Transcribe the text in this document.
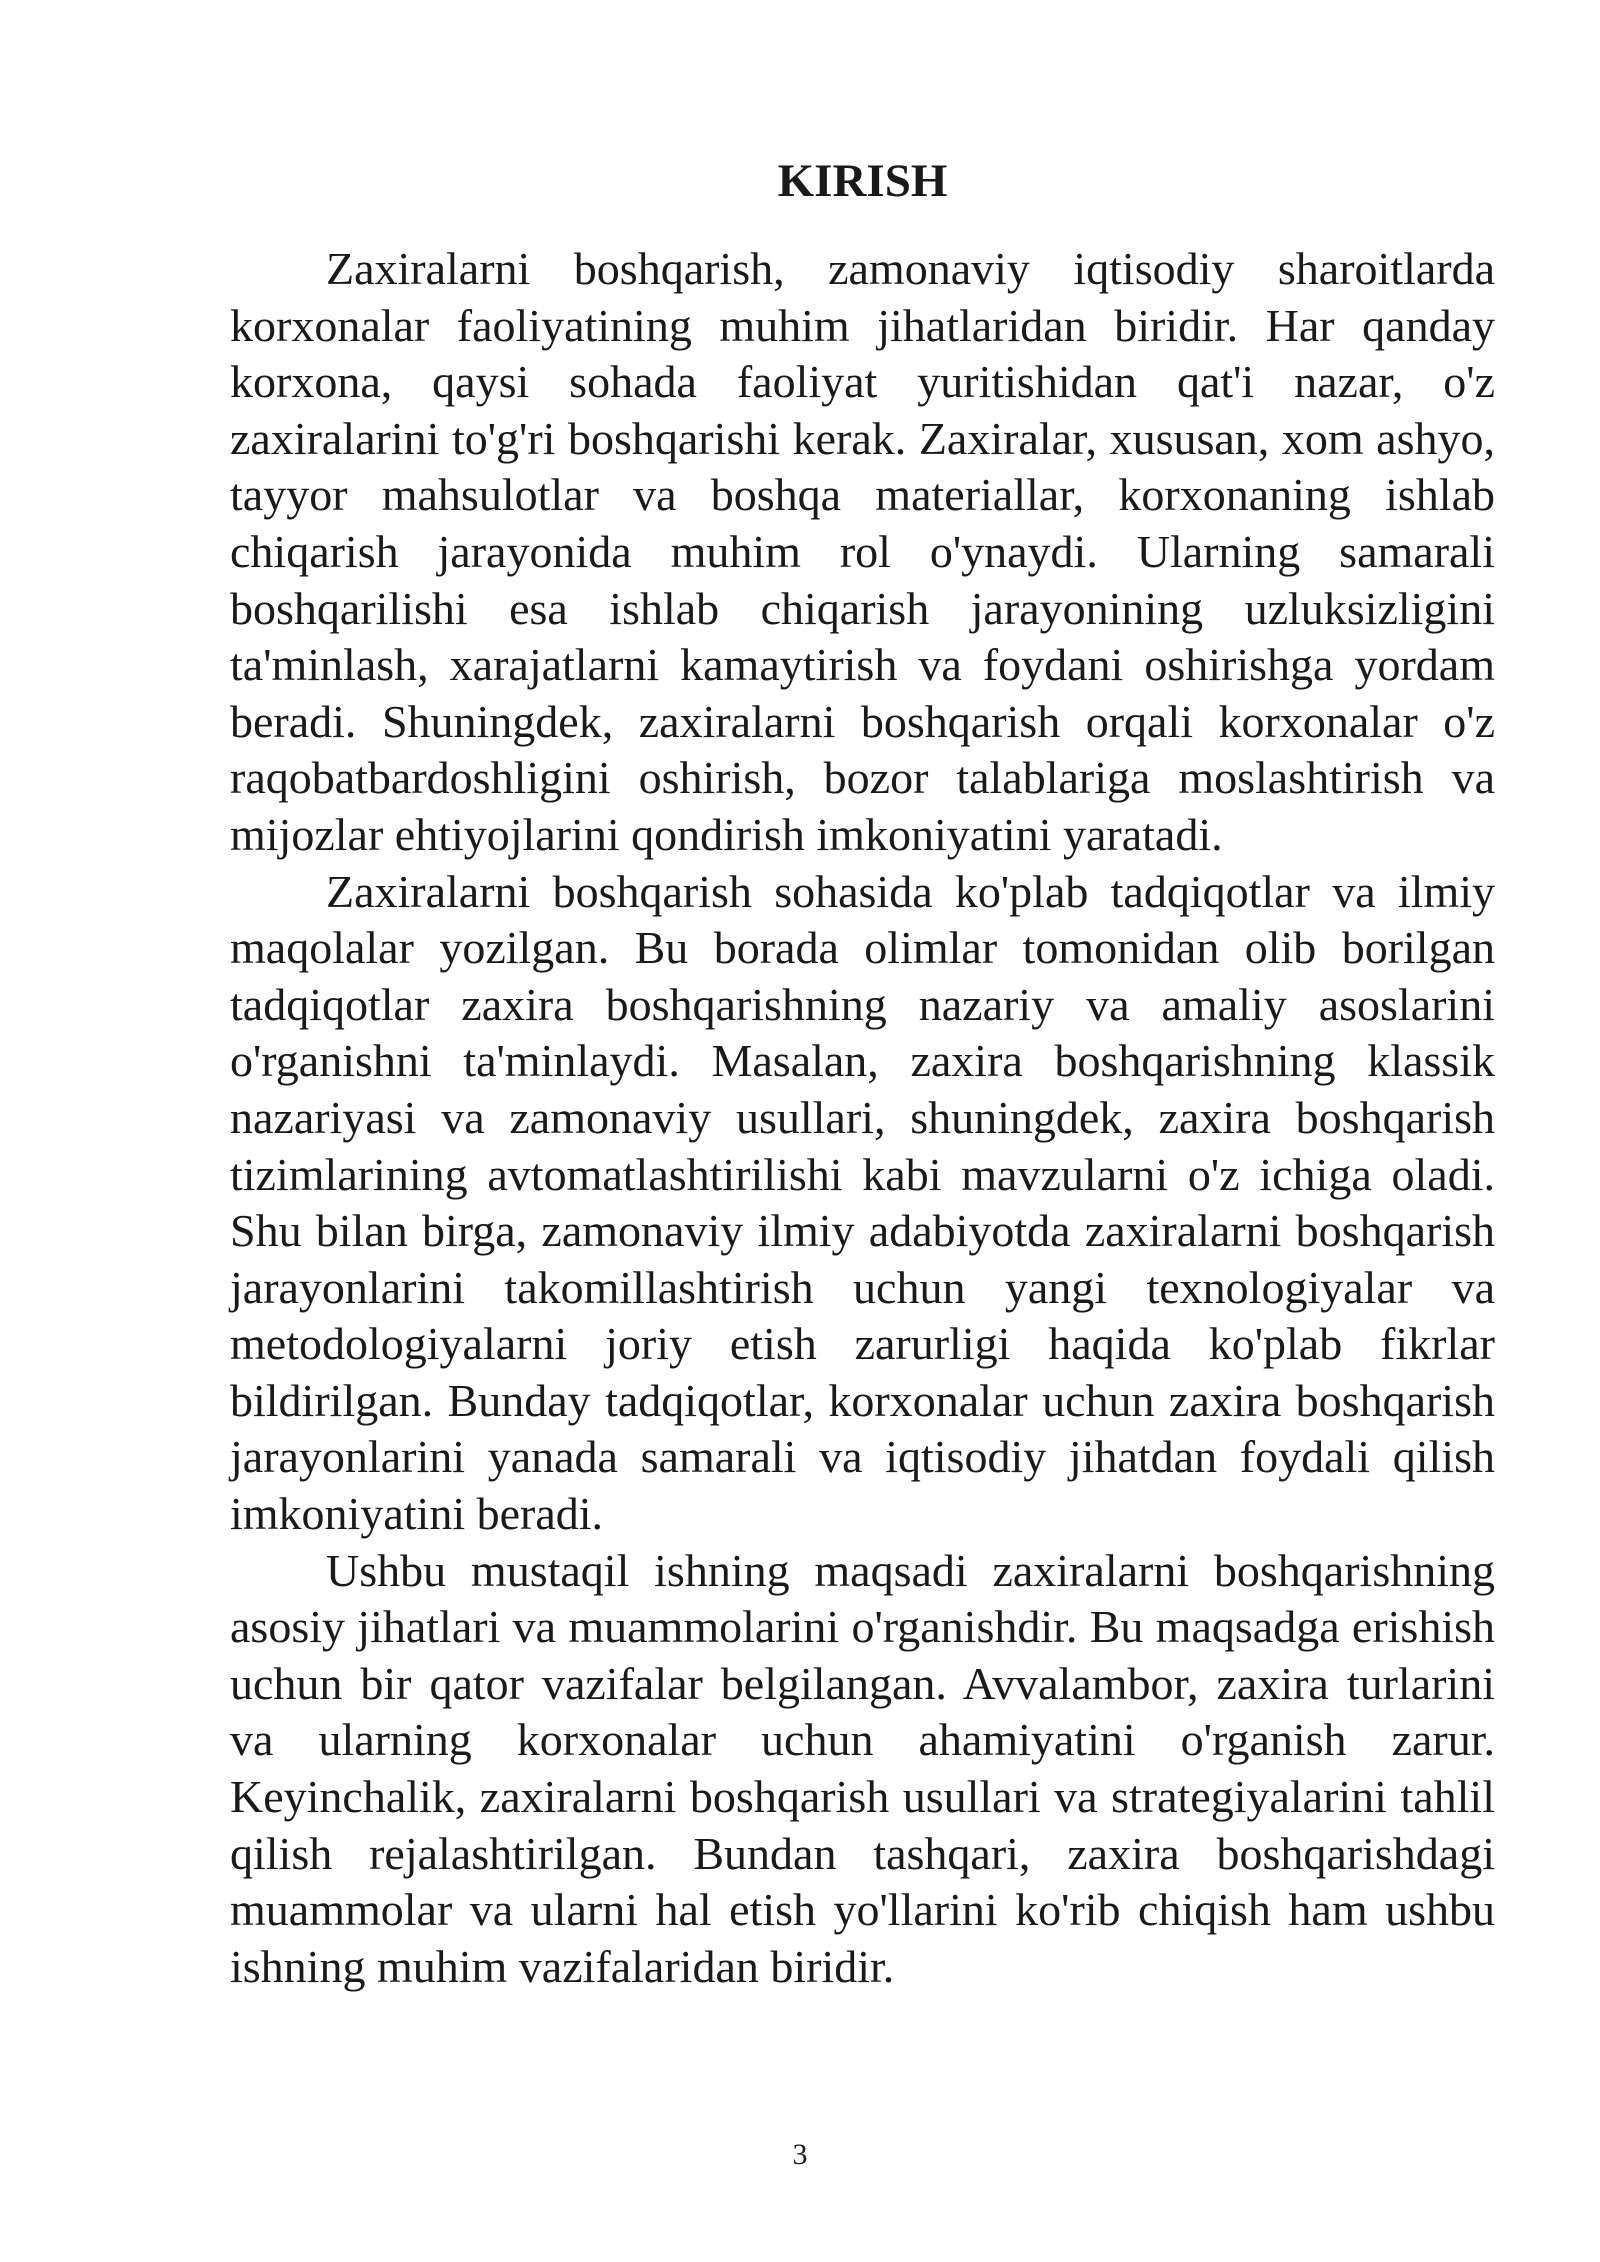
KIRISH

Zaxiralarni boshqarish, zamonaviy iqtisodiy sharoitlarda korxonalar faoliyatining muhim jihatlaridan biridir. Har qanday korxona, qaysi sohada faoliyat yuritishidan qat'i nazar, o'z zaxiralarini to'g'ri boshqarishi kerak. Zaxiralar, xususan, xom ashyo, tayyor mahsulotlar va boshqa materiallar, korxonaning ishlab chiqarish jarayonida muhim rol o'ynaydi. Ularning samarali boshqarilishi esa ishlab chiqarish jarayonining uzluksizligini ta'minlash, xarajatlarni kamaytirish va foydani oshirishga yordam beradi. Shuningdek, zaxiralarni boshqarish orqali korxonalar o'z raqobatbardoshligini oshirish, bozor talablariga moslashtirish va mijozlar ehtiyojlarini qondirish imkoniyatini yaratadi.

Zaxiralarni boshqarish sohasida ko'plab tadqiqotlar va ilmiy maqolalar yozilgan. Bu borada olimlar tomonidan olib borilgan tadqiqotlar zaxira boshqarishning nazariy va amaliy asoslarini o'rganishni ta'minlaydi. Masalan, zaxira boshqarishning klassik nazariyasi va zamonaviy usullari, shuningdek, zaxira boshqarish tizimlarining avtomatlashtirilishi kabi mavzularni o'z ichiga oladi. Shu bilan birga, zamonaviy ilmiy adabiyotda zaxiralarni boshqarish jarayonlarini takomillashtirish uchun yangi texnologiyalar va metodologiyalarni joriy etish zarurligi haqida ko'plab fikrlar bildirilgan. Bunday tadqiqotlar, korxonalar uchun zaxira boshqarish jarayonlarini yanada samarali va iqtisodiy jihatdan foydali qilish imkoniyatini beradi.

Ushbu mustaqil ishning maqsadi zaxiralarni boshqarishning asosiy jihatlari va muammolarini o'rganishdir. Bu maqsadga erishish uchun bir qator vazifalar belgilangan. Avvalambor, zaxira turlarini va ularning korxonalar uchun ahamiyatini o'rganish zarur. Keyinchalik, zaxiralarni boshqarish usullari va strategiyalarini tahlil qilish rejalashtirilgan. Bundan tashqari, zaxira boshqarishdagi muammolar va ularni hal etish yo'llarini ko'rib chiqish ham ushbu ishning muhim vazifalaridan biridir.

3
